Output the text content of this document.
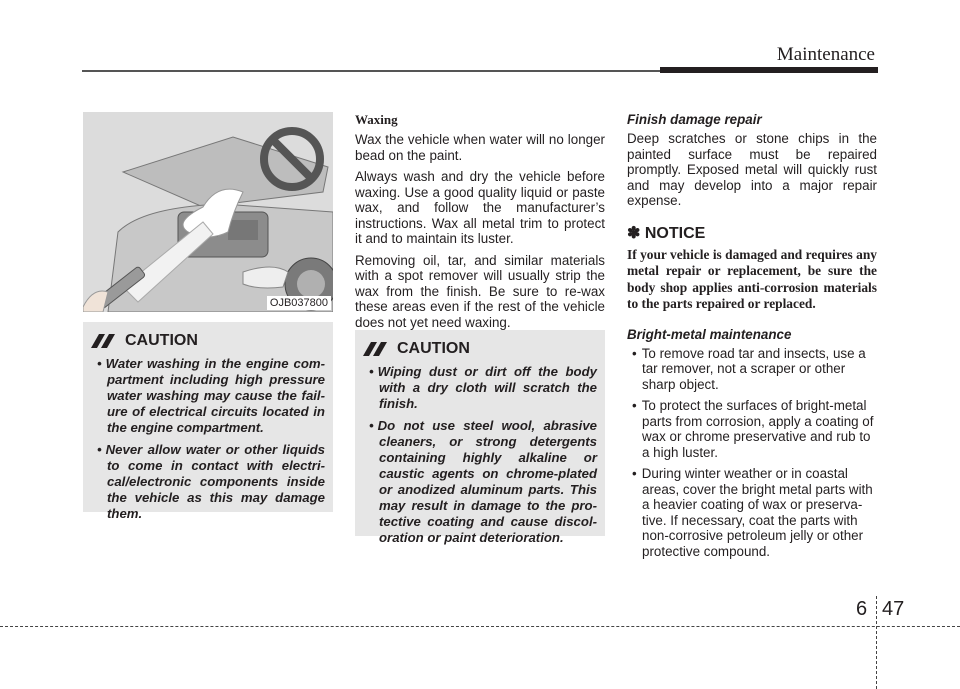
Maintenance
OJB037800
CAUTION
• Water washing in the engine com-partment including high pressure water washing may cause the fail-ure of electrical circuits located in the engine compartment.
• Never allow water or other liquids to come in contact with electri-cal/electronic components inside the vehicle as this may damage them.
Waxing

Wax the vehicle when water will no longer bead on the paint.

Always wash and dry the vehicle before waxing. Use a good quality liquid or paste wax, and follow the manufacturer’s instructions. Wax all metal trim to protect it and to maintain its luster.

Removing oil, tar, and similar materials with a spot remover will usually strip the wax from the finish. Be sure to re-wax these areas even if the rest of the vehicle does not yet need waxing.

CAUTION
• Wiping dust or dirt off the body with a dry cloth will scratch the finish.
• Do not use steel wool, abrasive cleaners, or strong detergents containing highly alkaline or caustic agents on chrome-plated or anodized aluminum parts. This may result in damage to the pro-tective coating and cause discol-oration or paint deterioration.
Finish damage repair

Deep scratches or stone chips in the painted surface must be repaired promptly. Exposed metal will quickly rust and may develop into a major repair expense.

✽ NOTICE
If your vehicle is damaged and requires any metal repair or replacement, be sure the body shop applies anti-corrosion materials to the parts repaired or replaced.
Bright-metal maintenance
• To remove road tar and insects, use a tar remover, not a scraper or other sharp object.
• To protect the surfaces of bright-metal parts from corrosion, apply a coating of wax or chrome preservative and rub to a high luster.
• During winter weather or in coastal areas, cover the bright metal parts with a heavier coating of wax or preserva-tive. If necessary, coat the parts with non-corrosive petroleum jelly or other protective compound.
6 47
